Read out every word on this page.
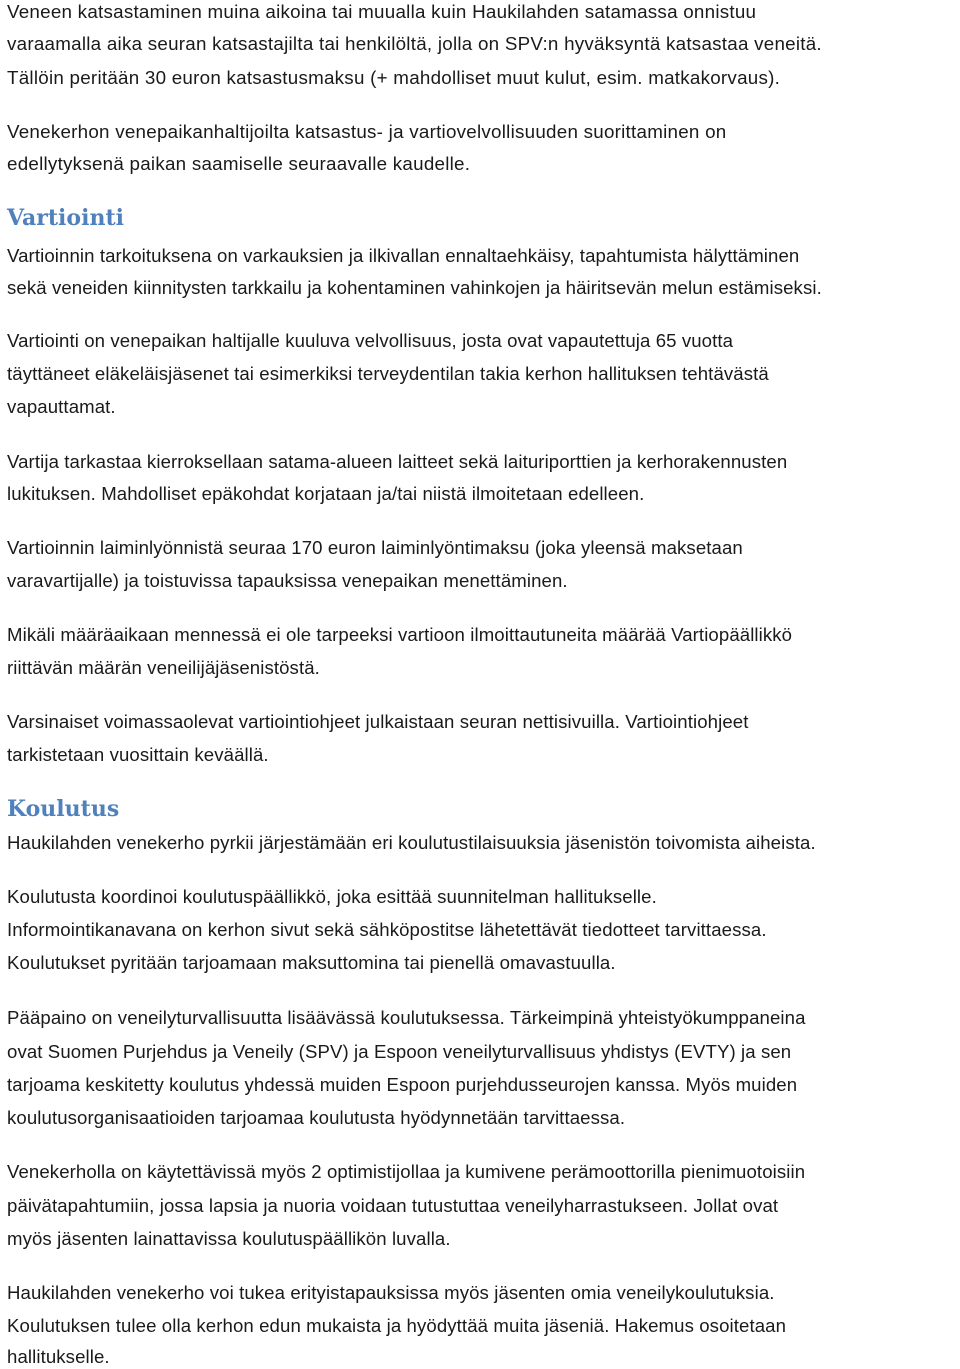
Veneen katsastaminen muina aikoina tai muualla kuin Haukilahden satamassa onnistuu
varaamalla aika seuran katsastajilta tai henkilöltä, jolla on SPV:n hyväksyntä katsastaa veneitä.
Tällöin peritään 30 euron katsastusmaksu (+ mahdolliset muut kulut, esim. matkakorvaus).
Venekerhon venepaikanhaltijoilta katsastus- ja vartiovelvollisuuden suorittaminen on
edellytyksenä paikan saamiselle seuraavalle kaudelle.
Vartiointi
Vartioinnin tarkoituksena on varkauksien ja ilkivallan ennaltaehkäisy, tapahtumista hälyttäminen
sekä veneiden kiinnitysten tarkkailu ja kohentaminen vahinkojen ja häiritsevän melun estämiseksi.
Vartiointi on venepaikan haltijalle kuuluva velvollisuus, josta ovat vapautettuja 65 vuotta
täyttäneet eläkeläisjäsenet tai esimerkiksi terveydentilan takia kerhon hallituksen tehtävästä
vapauttamat.
Vartija tarkastaa kierroksellaan satama-alueen laitteet sekä laituriporttien ja kerhorakennusten
lukituksen. Mahdolliset epäkohdat korjataan ja/tai niistä ilmoitetaan edelleen.
Vartioinnin laiminlyönnistä seuraa 170 euron laiminlyöntimaksu (joka yleensä maksetaan
varavartijalle) ja toistuvissa tapauksissa venepaikan menettäminen.
Mikäli määräaikaan mennessä ei ole tarpeeksi vartioon ilmoittautuneita määrää Vartiopäällikkö
riittävän määrän veneilijäjäsenistöstä.
Varsinaiset voimassaolevat vartiointiohjeet julkaistaan seuran nettisivuilla. Vartiointiohjeet
tarkistetaan vuosittain keväällä.
Koulutus
Haukilahden venekerho pyrkii järjestämään eri koulutustilaisuuksia jäsenistön toivomista aiheista.
Koulutusta koordinoi koulutuspäällikkö, joka esittää suunnitelman hallitukselle.
Informointikanavana on kerhon sivut sekä sähköpostitse lähetettävät tiedotteet tarvittaessa.
Koulutukset pyritään tarjoamaan maksuttomina tai pienellä omavastuulla.
Pääpaino on veneilyturvallisuutta lisäävässä koulutuksessa. Tärkeimpinä yhteistyökumppaneina
ovat Suomen Purjehdus ja Veneily (SPV) ja Espoon veneilyturvallisuus yhdistys (EVTY) ja sen
tarjoama keskitetty koulutus yhdessä muiden Espoon purjehdusseurojen kanssa. Myös muiden
koulutusorganisaatioiden tarjoamaa koulutusta hyödynnetään tarvittaessa.
Venekerholla on käytettävissä myös 2 optimistijollaa ja kumivene perämoottorilla pienimuotoisiin
päivätapahtumiin, jossa lapsia ja nuoria voidaan tutustuttaa veneilyharrastukseen. Jollat ovat
myös jäsenten lainattavissa koulutuspäällikön luvalla.
Haukilahden venekerho voi tukea erityistapauksissa myös jäsenten omia veneilykoulutuksia.
Koulutuksen tulee olla kerhon edun mukaista ja hyödyttää muita jäseniä. Hakemus osoitetaan
hallitukselle.
